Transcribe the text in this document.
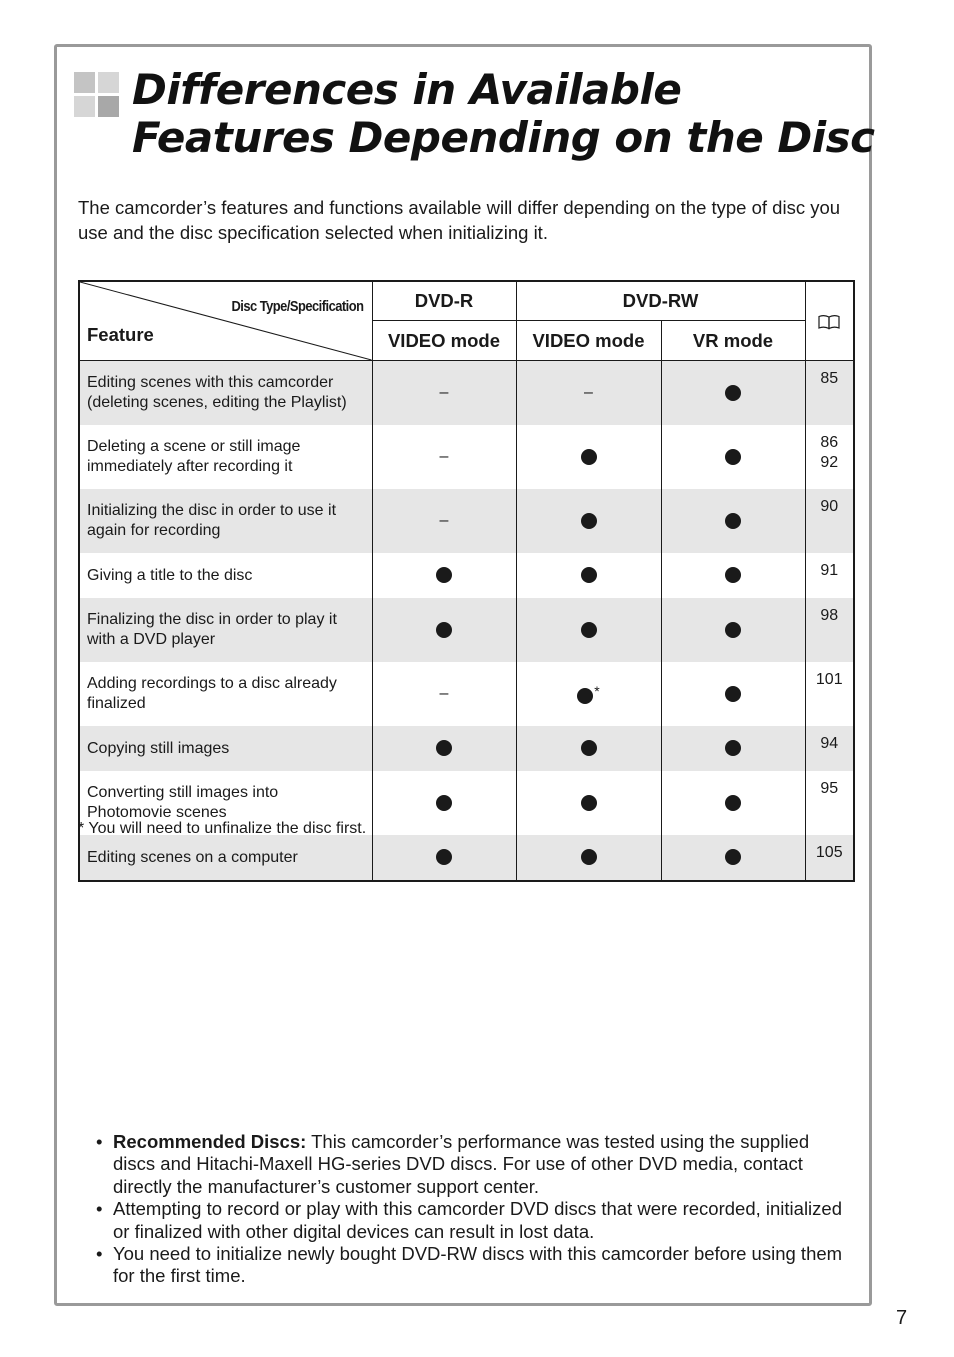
Differences in Available
Features Depending on the Disc

The camcorder’s features and functions available will differ depending on the type of disc you use and the disc specification selected when initializing it.

Disc Type/Specification
Feature	DVD-R	DVD-RW	
	VIDEO mode	VIDEO mode	VR mode	

Editing scenes with this camcorder
(deleting scenes, editing the Playlist)	–	–		85

Deleting a scene or still image
immediately after recording it	–			86
92

Initializing the disc in order to use it
again for recording	–			90

Giving a title to the disc				91

Finalizing the disc in order to play it
with a DVD player				98

Adding recordings to a disc already
finalized	–	*		101

Copying still images				94

Converting still images into
Photomovie scenes				95

Editing scenes on a computer				105

* You will need to unfinalize the disc first.

• Recommended Discs: This camcorder’s performance was tested using the supplied discs and Hitachi-Maxell HG-series DVD discs. For use of other DVD media, contact directly the manufacturer’s customer support center.
• Attempting to record or play with this camcorder DVD discs that were recorded, initialized or finalized with other digital devices can result in lost data.
• You need to initialize newly bought DVD-RW discs with this camcorder before using them for the first time.
7
